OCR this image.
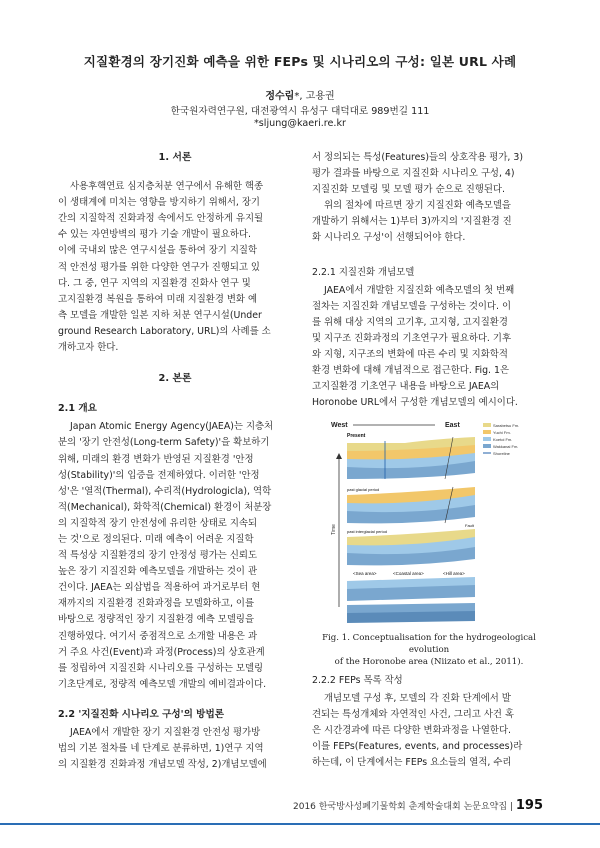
지질환경의 장기진화 예측을 위한 FEPs 및 시나리오의 구성: 일본 URL 사례
정수림*, 고용권
한국원자력연구원, 대전광역시 유성구 대덕대로 989번길 111
*sljung@kaeri.re.kr

1. 서론

사용후핵연료 심지층처분 연구에서 유해한 핵종

이 생태계에 미치는 영향을 방지하기 위해서, 장기

간의 지질학적 진화과정 속에서도 안정하게 유지될

수 있는 자연방벽의 평가 기술 개발이 필요하다.

이에 국내외 많은 연구시설을 통하여 장기 지질학

적 안전성 평가를 위한 다양한 연구가 진행되고 있

다. 그 중, 연구 지역의 지질환경 진화사 연구 및

고지질환경 복원을 통하여 미래 지질환경 변화 예

측 모델을 개발한 일본 지하 처분 연구시설(Under

ground Research Laboratory, URL)의 사례를 소

개하고자 한다.

2. 본론

2.1 개요

Japan Atomic Energy Agency(JAEA)는 지층처

분의 '장기 안전성(Long-term Safety)'을 확보하기

위해, 미래의 환경 변화가 반영된 지질환경 '안정

성(Stability)'의 입증을 전제하였다. 이러한 '안정

성'은 '열적(Thermal), 수리적(Hydrologicla), 역학

적(Mechanical), 화학적(Chemical) 환경이 처분장

의 지질학적 장기 안전성에 유리한 상태로 지속되

는 것'으로 정의된다. 미래 예측이 어려운 지질학

적 특성상 지질환경의 장기 안정성 평가는 신뢰도

높은 장기 지질진화 예측모델을 개발하는 것이 관

건이다. JAEA는 외삽법을 적용하여 과거로부터 현

재까지의 지질환경 진화과정을 모델화하고, 이를

바탕으로 정량적인 장기 지질환경 예측 모델링을

진행하였다. 여기서 중점적으로 소개할 내용은 과

거 주요 사건(Event)과 과정(Process)의 상호관계

를 정립하여 지질진화 시나리오를 구성하는 모델링

기초단계로, 정량적 예측모델 개발의 예비결과이다.

2.2 '지질진화 시나리오 구성'의 방법론

JAEA에서 개발한 장기 지질환경 안전성 평가방

법의 기본 절차를 네 단계로 분류하면, 1)연구 지역

의 지질환경 진화과정 개념모델 작성, 2)개념모델에

서 정의되는 특성(Features)들의 상호작용 평가, 3)

평가 결과를 바탕으로 지질진화 시나리오 구성, 4)

지질진화 모델링 및 모델 평가 순으로 진행된다.

위의 절차에 따르면 장기 지질진화 예측모델을

개발하기 위해서는 1)부터 3)까지의 '지질환경 진

화 시나리오 구성'이 선행되어야 한다.

2.2.1 지질진화 개념모델

JAEA에서 개발한 지질진화 예측모델의 첫 번째

절차는 지질진화 개념모델을 구성하는 것이다. 이

를 위해 대상 지역의 고기후, 고지형, 고지질환경

및 지구조 진화과정의 기초연구가 필요하다. 기후

와 지형, 지구조의 변화에 따른 수리 및 지화학적

환경 변화에 대해 개념적으로 접근한다. Fig. 1은

고지질환경 기초연구 내용을 바탕으로 JAEA의

Horonobe URL에서 구성한 개념모델의 예시이다.

West	East	Sarabetsu Fm.
Yuchi Fm.
Koetoi Fm.
Wakkanai Fm.
Shoreline
Time
Present
past glacial period
past interglacial period
<Sea area>	<Coastal area>	<Hill area>
Fault
Fig. 1. Conceptualisation for the hydrogeological evolution
of the Horonobe area (Niizato et al., 2011).

2.2.2 FEPs 목록 작성

개념모델 구성 후, 모델의 각 진화 단계에서 발

견되는 특성개체와 자연적인 사건, 그리고 사건 혹

은 시간경과에 따른 다양한 변화과정을 나열한다.

이를 FEPs(Features, events, and processes)라

하는데, 이 단계에서는 FEPs 요소들의 열적, 수리

2016 한국방사성폐기물학회 춘계학술대회 논문요약집 | 195
